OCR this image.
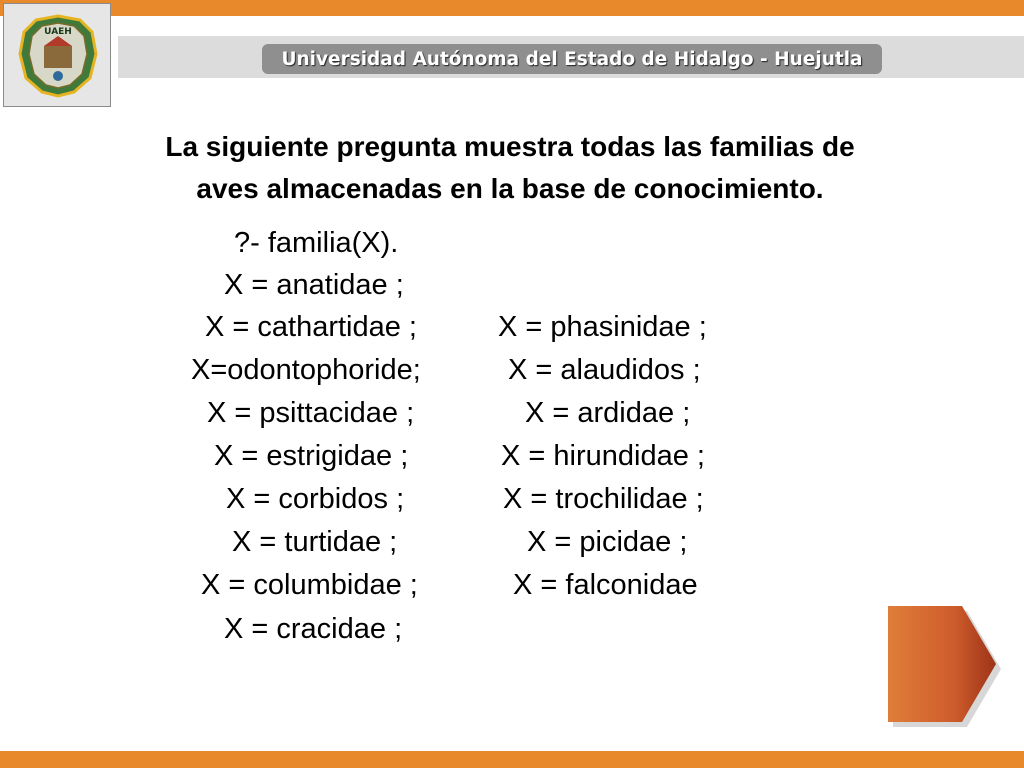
UAEH
Universidad Autónoma del Estado de Hidalgo - Huejutla
La siguiente pregunta muestra todas las familias de
aves almacenadas en la base de conocimiento.
?- familia(X).
X = anatidae ;
X = cathartidae ;
X=odontophoride;
X = psittacidae ;
X = estrigidae ;
X = corbidos ;
X = turtidae ;
X = columbidae ;
X = cracidae ;
X = phasinidae ;
X = alaudidos ;
X = ardidae ;
X = hirundidae ;
X = trochilidae ;
X = picidae ;
X = falconidae
